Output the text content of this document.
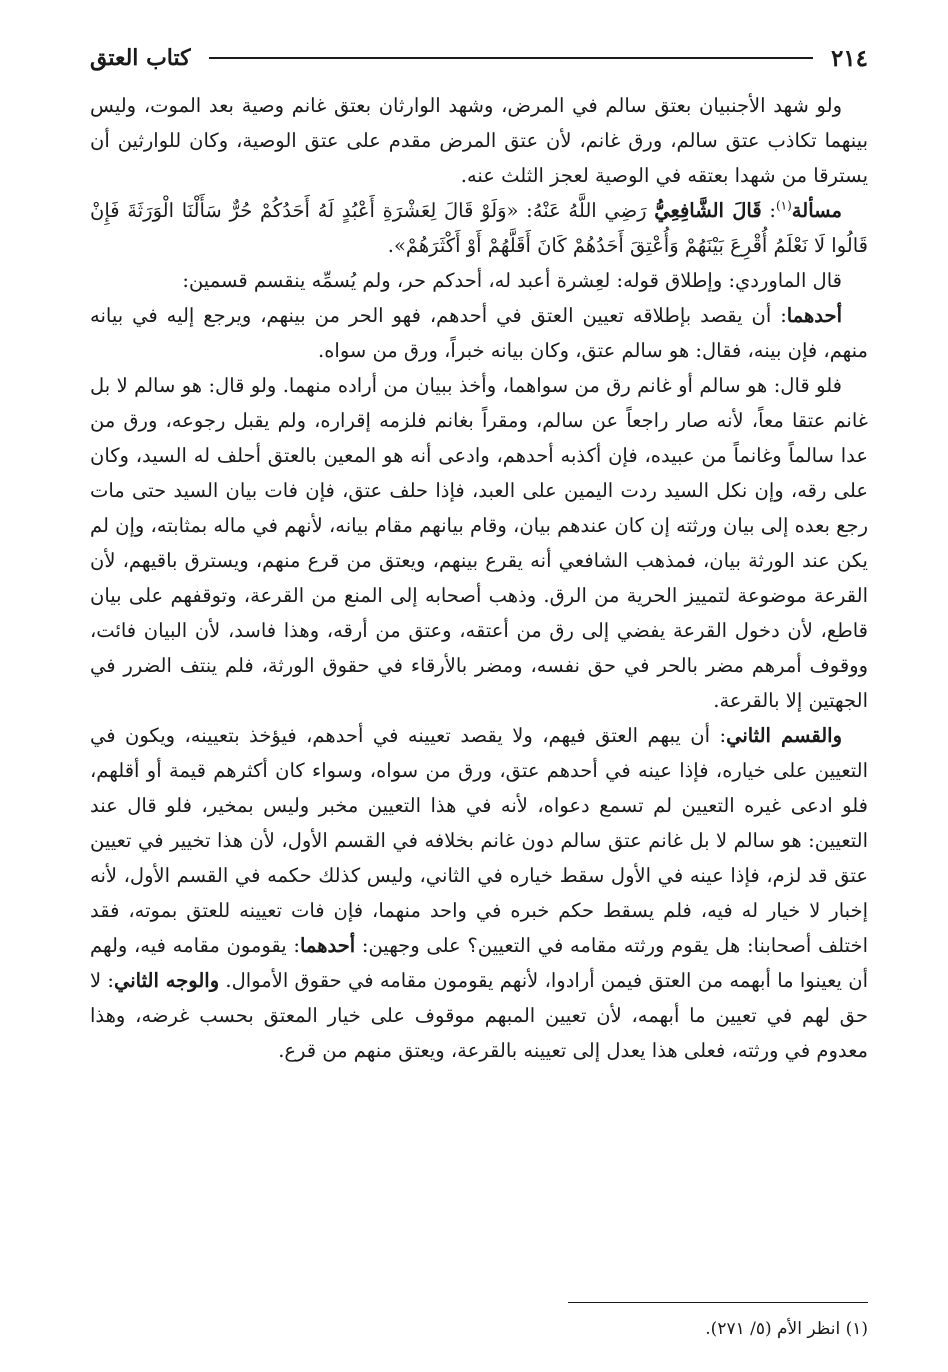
٢١٤
كتاب العتق

ولو شهد الأجنبيان بعتق سالم في المرض، وشهد الوارثان بعتق غانم وصية بعد الموت، وليس بينهما تكاذب عتق سالم، ورق غانم، لأن عتق المرض مقدم على عتق الوصية، وكان للوارثين أن يسترقا من شهدا بعتقه في الوصية لعجز الثلث عنه.

مسألة$^{(١)}$: قَالَ الشَّافِعِيُّ رَضِي اللَّهُ عَنْهُ: «وَلَوْ قَالَ لِعَشْرَةِ أَعْبُدٍ لَهُ أَحَدُكُمْ حُرٌّ سَأَلْنَا الْوَرَثَةَ فَإِنْ قَالُوا لَا نَعْلَمُ أُقْرِعَ بَيْنَهُمْ وَأُعْتِقَ أَحَدُهُمْ كَانَ أَقَلَّهُمْ أَوْ أَكْثَرَهُمْ».

قال الماوردي: وإطلاق قوله: لعِشرة أعبد له، أحدكم حر، ولم يُسمِّه ينقسم قسمين:

أحدهما: أن يقصد بإطلاقه تعيين العتق في أحدهم، فهو الحر من بينهم، ويرجع إليه في بيانه منهم، فإن بينه، فقال: هو سالم عتق، وكان بيانه خبراً، ورق من سواه.

فلو قال: هو سالم أو غانم رق من سواهما، وأخذ ببيان من أراده منهما. ولو قال: هو سالم لا بل غانم عتقا معاً، لأنه صار راجعاً عن سالم، ومقراً بغانم فلزمه إقراره، ولم يقبل رجوعه، ورق من عدا سالماً وغانماً من عبيده، فإن أكذبه أحدهم، وادعى أنه هو المعين بالعتق أحلف له السيد، وكان على رقه، وإن نكل السيد ردت اليمين على العبد، فإذا حلف عتق، فإن فات بيان السيد حتى مات رجع بعده إلى بيان ورثته إن كان عندهم بيان، وقام بيانهم مقام بيانه، لأنهم في ماله بمثابته، وإن لم يكن عند الورثة بيان، فمذهب الشافعي أنه يقرع بينهم، ويعتق من قرع منهم، ويسترق باقيهم، لأن القرعة موضوعة لتمييز الحرية من الرق. وذهب أصحابه إلى المنع من القرعة، وتوقفهم على بيان قاطع، لأن دخول القرعة يفضي إلى رق من أعتقه، وعتق من أرقه، وهذا فاسد، لأن البيان فائت، ووقوف أمرهم مضر بالحر في حق نفسه، ومضر بالأرقاء في حقوق الورثة، فلم ينتف الضرر في الجهتين إلا بالقرعة.

والقسم الثاني: أن يبهم العتق فيهم، ولا يقصد تعيينه في أحدهم، فيؤخذ بتعيينه، ويكون في التعيين على خياره، فإذا عينه في أحدهم عتق، ورق من سواه، وسواء كان أكثرهم قيمة أو أقلهم، فلو ادعى غيره التعيين لم تسمع دعواه، لأنه في هذا التعيين مخبر وليس بمخير، فلو قال عند التعيين: هو سالم لا بل غانم عتق سالم دون غانم بخلافه في القسم الأول، لأن هذا تخيير في تعيين عتق قد لزم، فإذا عينه في الأول سقط خياره في الثاني، وليس كذلك حكمه في القسم الأول، لأنه إخبار لا خيار له فيه، فلم يسقط حكم خبره في واحد منهما، فإن فات تعيينه للعتق بموته، فقد اختلف أصحابنا: هل يقوم ورثته مقامه في التعيين؟ على وجهين: أحدهما: يقومون مقامه فيه، ولهم أن يعينوا ما أبهمه من العتق فيمن أرادوا، لأنهم يقومون مقامه في حقوق الأموال. والوجه الثاني: لا حق لهم في تعيين ما أبهمه، لأن تعيين المبهم موقوف على خيار المعتق بحسب غرضه، وهذا معدوم في ورثته، فعلى هذا يعدل إلى تعيينه بالقرعة، ويعتق منهم من قرع.

(١) انظر الأم (٥/ ٢٧١).
